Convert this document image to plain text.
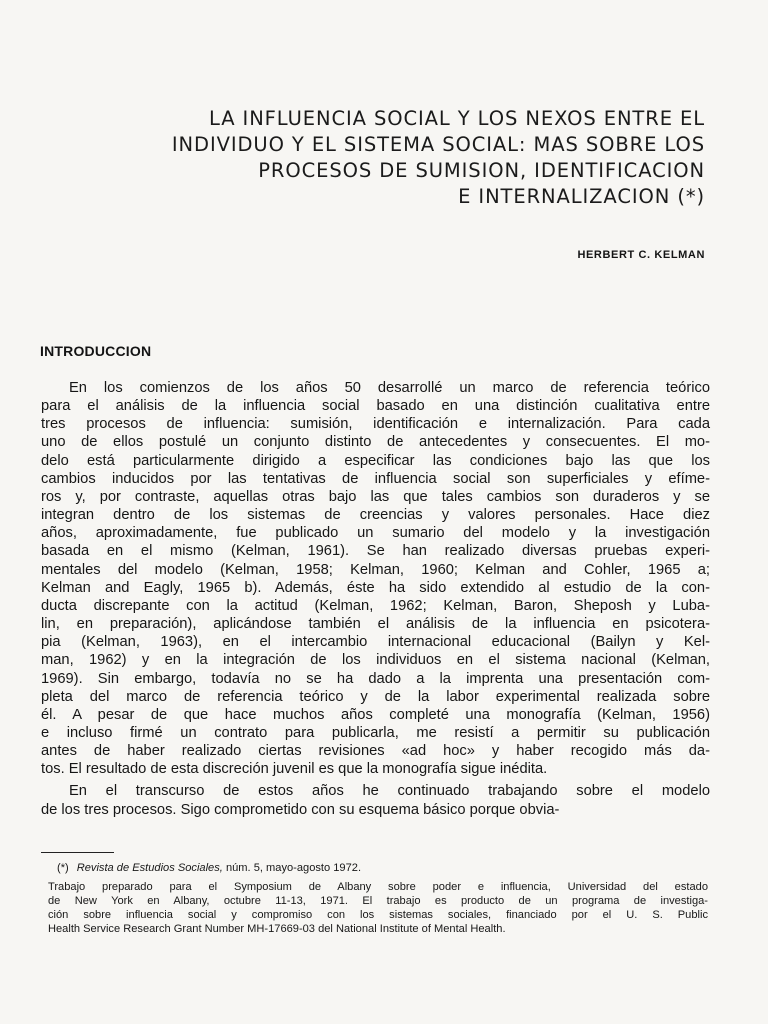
LA INFLUENCIA SOCIAL Y LOS NEXOS ENTRE EL
INDIVIDUO Y EL SISTEMA SOCIAL: MAS SOBRE LOS
PROCESOS DE SUMISION, IDENTIFICACION
E INTERNALIZACION (*)
HERBERT C. KELMAN
INTRODUCCION
En los comienzos de los años 50 desarrollé un marco de referencia teórico
para el análisis de la influencia social basado en una distinción cualitativa entre
tres procesos de influencia: sumisión, identificación e internalización. Para cada
uno de ellos postulé un conjunto distinto de antecedentes y consecuentes. El mo-
delo está particularmente dirigido a especificar las condiciones bajo las que los
cambios inducidos por las tentativas de influencia social son superficiales y efíme-
ros y, por contraste, aquellas otras bajo las que tales cambios son duraderos y se
integran dentro de los sistemas de creencias y valores personales. Hace diez
años, aproximadamente, fue publicado un sumario del modelo y la investigación
basada en el mismo (Kelman, 1961). Se han realizado diversas pruebas experi-
mentales del modelo (Kelman, 1958; Kelman, 1960; Kelman and Cohler, 1965 a;
Kelman and Eagly, 1965 b). Además, éste ha sido extendido al estudio de la con-
ducta discrepante con la actitud (Kelman, 1962; Kelman, Baron, Sheposh y Luba-
lin, en preparación), aplicándose también el análisis de la influencia en psicotera-
pia (Kelman, 1963), en el intercambio internacional educacional (Bailyn y Kel-
man, 1962) y en la integración de los individuos en el sistema nacional (Kelman,
1969). Sin embargo, todavía no se ha dado a la imprenta una presentación com-
pleta del marco de referencia teórico y de la labor experimental realizada sobre
él. A pesar de que hace muchos años completé una monografía (Kelman, 1956)
e incluso firmé un contrato para publicarla, me resistí a permitir su publicación
antes de haber realizado ciertas revisiones «ad hoc» y haber recogido más da-
tos. El resultado de esta discreción juvenil es que la monografía sigue inédita.
En el transcurso de estos años he continuado trabajando sobre el modelo
de los tres procesos. Sigo comprometido con su esquema básico porque obvia-
(*) Revista de Estudios Sociales, núm. 5, mayo-agosto 1972.
Trabajo preparado para el Symposium de Albany sobre poder e influencia, Universidad del estado
de New York en Albany, octubre 11-13, 1971. El trabajo es producto de un programa de investiga-
ción sobre influencia social y compromiso con los sistemas sociales, financiado por el U. S. Public
Health Service Research Grant Number MH-17669-03 del National Institute of Mental Health.
